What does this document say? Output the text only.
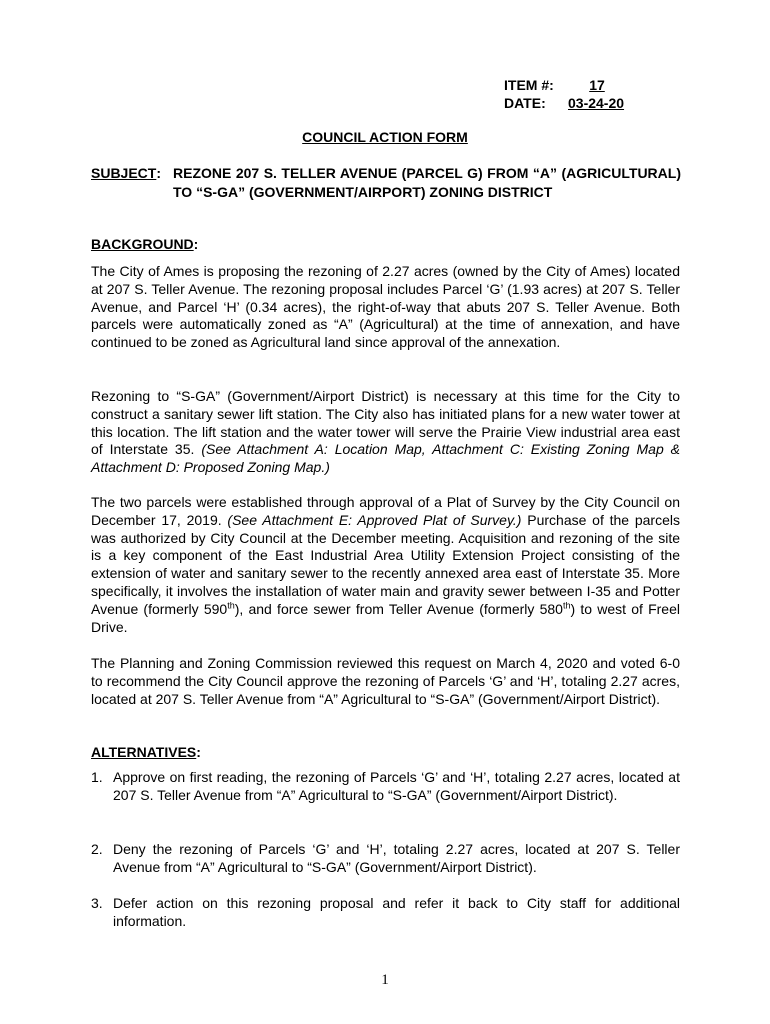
ITEM #:	17
DATE:	03-24-20
COUNCIL ACTION FORM
SUBJECT: REZONE 207 S. TELLER AVENUE (PARCEL G) FROM “A” (AGRICULTURAL) TO “S-GA” (GOVERNMENT/AIRPORT) ZONING DISTRICT
BACKGROUND:
The City of Ames is proposing the rezoning of 2.27 acres (owned by the City of Ames) located at 207 S. Teller Avenue. The rezoning proposal includes Parcel ‘G’ (1.93 acres) at 207 S. Teller Avenue, and Parcel ‘H’ (0.34 acres), the right-of-way that abuts 207 S. Teller Avenue. Both parcels were automatically zoned as “A” (Agricultural) at the time of annexation, and have continued to be zoned as Agricultural land since approval of the annexation.
Rezoning to “S-GA” (Government/Airport District) is necessary at this time for the City to construct a sanitary sewer lift station. The City also has initiated plans for a new water tower at this location. The lift station and the water tower will serve the Prairie View industrial area east of Interstate 35. (See Attachment A: Location Map, Attachment C: Existing Zoning Map & Attachment D: Proposed Zoning Map.)
The two parcels were established through approval of a Plat of Survey by the City Council on December 17, 2019. (See Attachment E: Approved Plat of Survey.) Purchase of the parcels was authorized by City Council at the December meeting. Acquisition and rezoning of the site is a key component of the East Industrial Area Utility Extension Project consisting of the extension of water and sanitary sewer to the recently annexed area east of Interstate 35. More specifically, it involves the installation of water main and gravity sewer between I-35 and Potter Avenue (formerly 590th), and force sewer from Teller Avenue (formerly 580th) to west of Freel Drive.
The Planning and Zoning Commission reviewed this request on March 4, 2020 and voted 6-0 to recommend the City Council approve the rezoning of Parcels ‘G’ and ‘H’, totaling 2.27 acres, located at 207 S. Teller Avenue from “A” Agricultural to “S-GA” (Government/Airport District).
ALTERNATIVES:
1. Approve on first reading, the rezoning of Parcels ‘G’ and ‘H’, totaling 2.27 acres, located at 207 S. Teller Avenue from “A” Agricultural to “S-GA” (Government/Airport District).
2. Deny the rezoning of Parcels ‘G’ and ‘H’, totaling 2.27 acres, located at 207 S. Teller Avenue from “A” Agricultural to “S-GA” (Government/Airport District).
3. Defer action on this rezoning proposal and refer it back to City staff for additional information.
1
